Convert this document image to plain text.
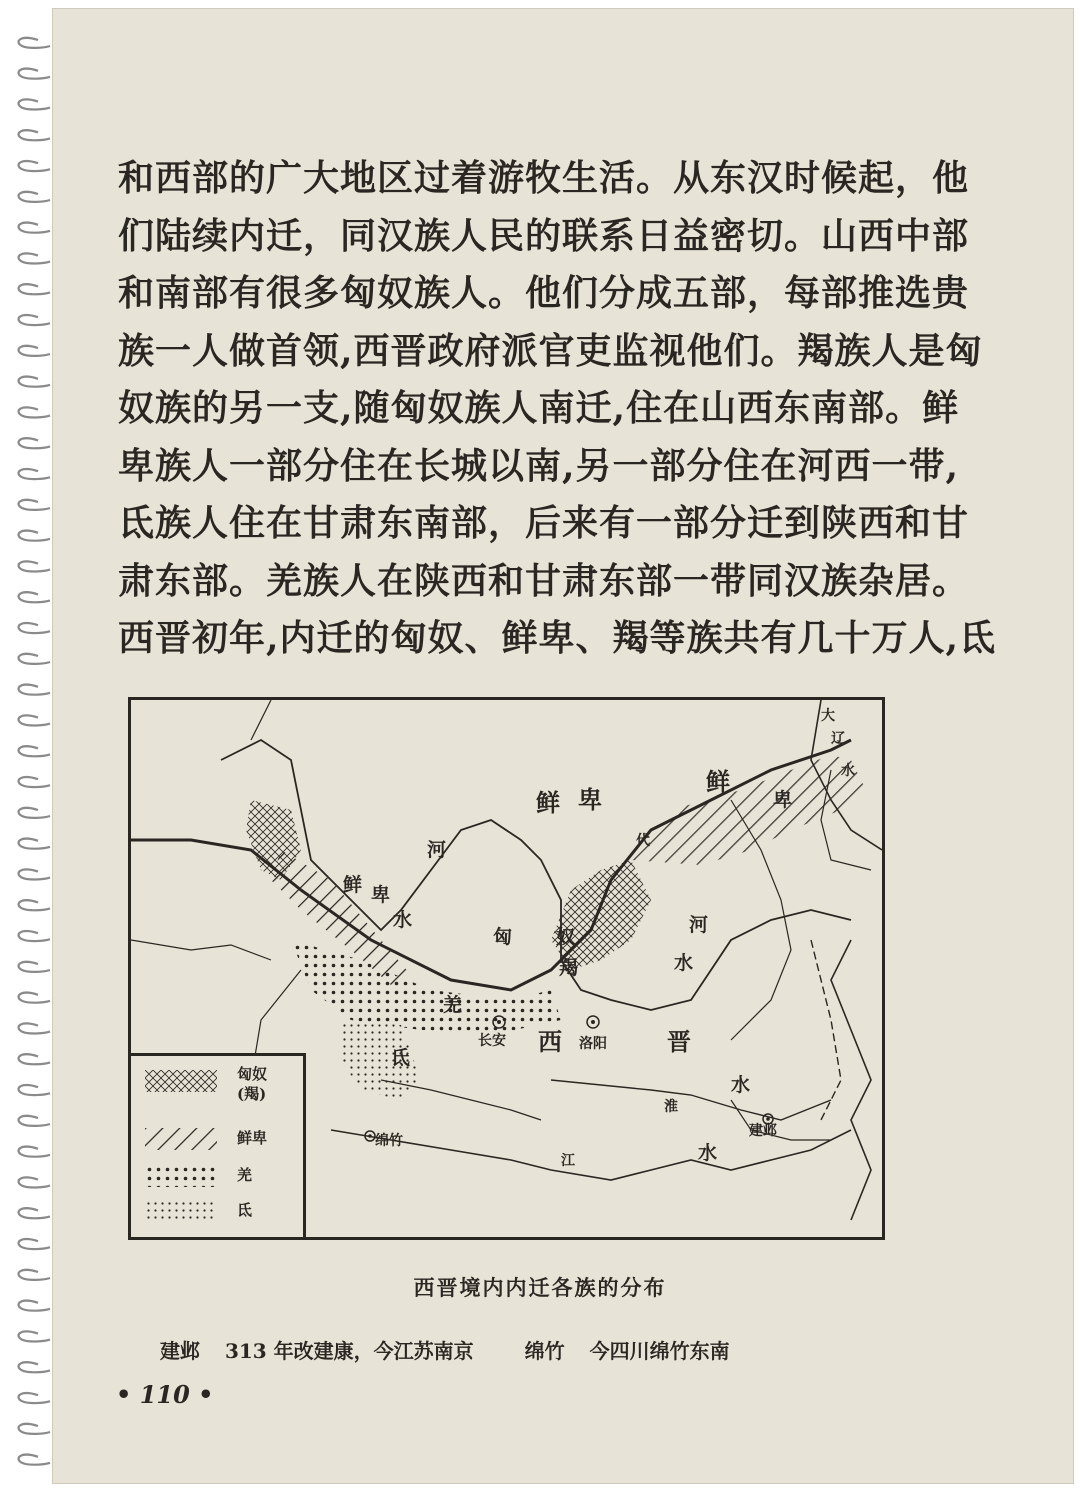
和西部的广大地区过着游牧生活。从东汉时候起，他
们陆续内迁，同汉族人民的联系日益密切。山西中部
和南部有很多匈奴族人。他们分成五部，每部推选贵
族一人做首领,西晋政府派官吏监视他们。羯族人是匈
奴族的另一支,随匈奴族人南迁,住在山西东南部。鲜
卑族人一部分住在长城以南,另一部分住在河西一带,
氐族人住在甘肃东南部，后来有一部分迁到陕西和甘
肃东部。羌族人在陕西和甘肃东部一带同汉族杂居。
西晋初年,内迁的匈奴、鲜卑、羯等族共有几十万人,氐
鲜 卑
鲜
卑
鲜 卑
河
水	河
水
匈 奴
羯
羌
氐
代
大
辽
水
西	晋
淮
水
江	水
长安	洛阳
建邺
绵竹
匈奴
(羯)
鲜卑
羌
氐
西晋境内内迁各族的分布
建邺 313 年改建康，今江苏南京	绵竹 今四川绵竹东南
• 110 •
